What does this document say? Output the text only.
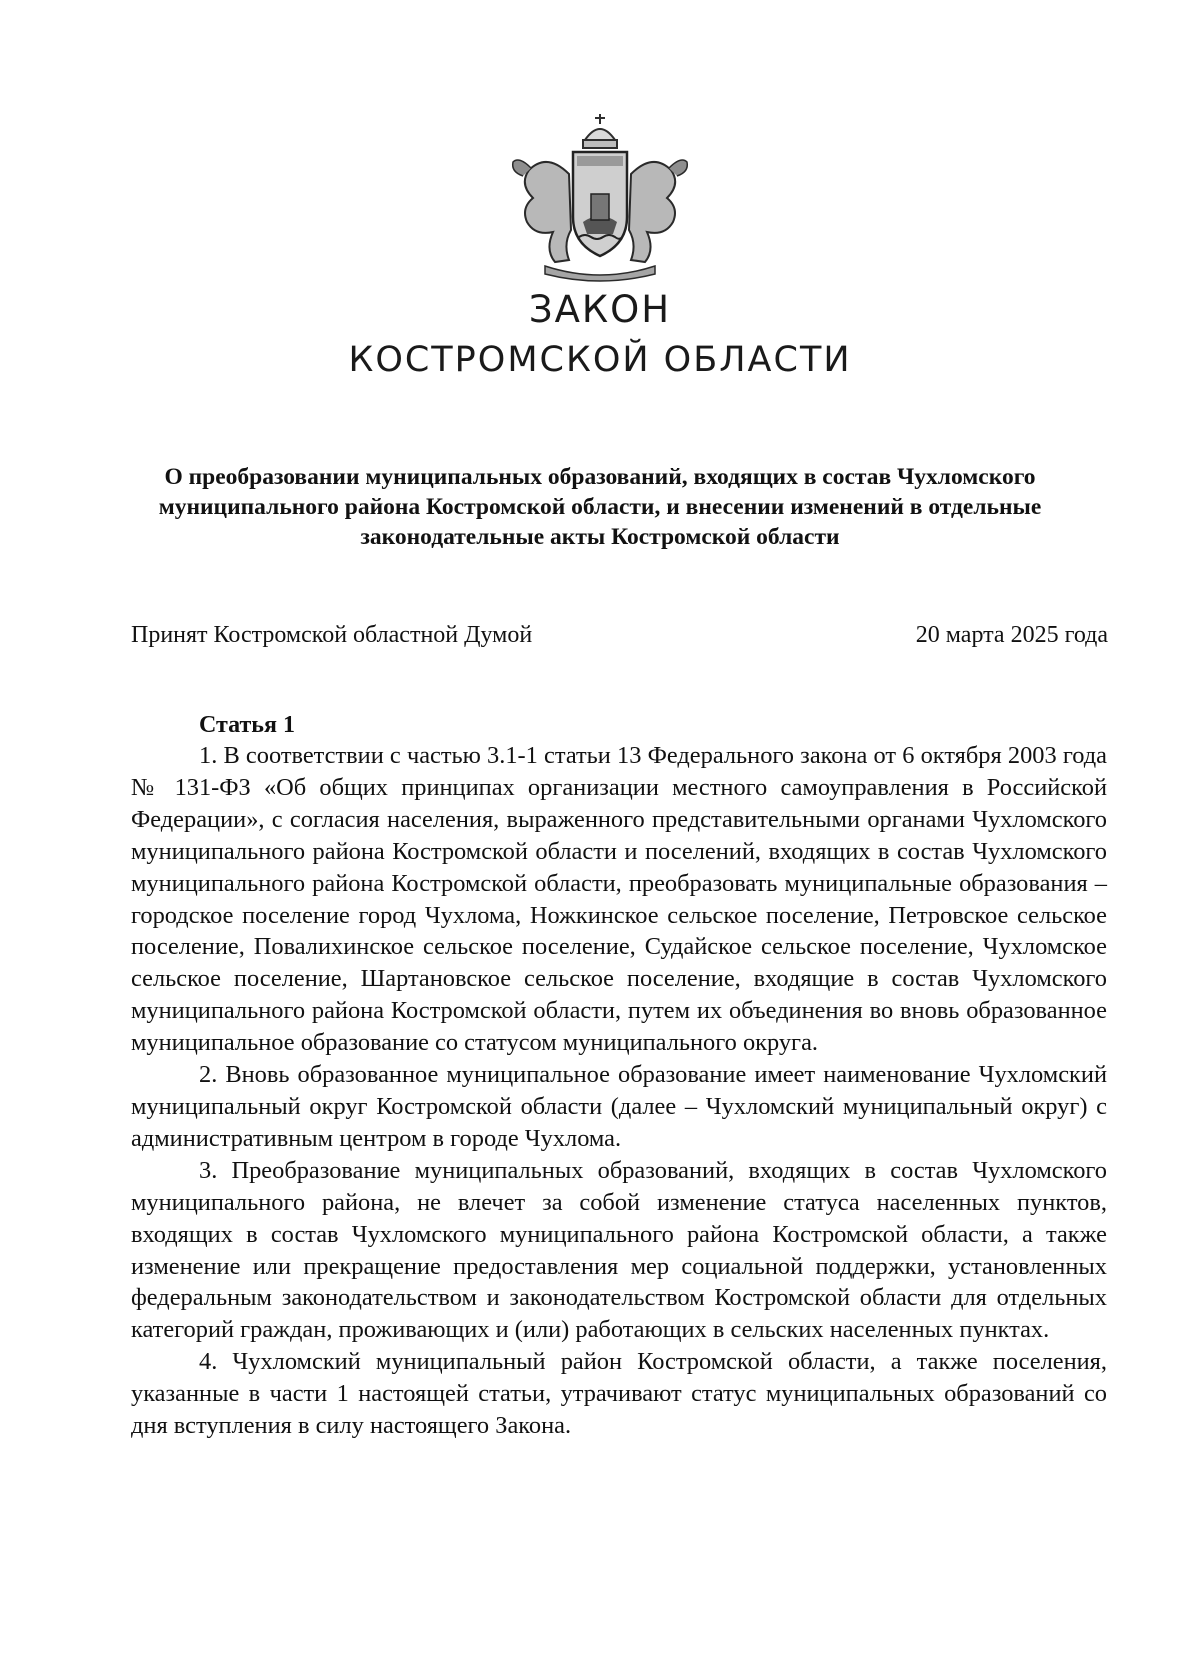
ЗАКОН
КОСТРОМСКОЙ ОБЛАСТИ
О преобразовании муниципальных образований, входящих в состав Чухломского муниципального района Костромской области, и внесении изменений в отдельные законодательные акты Костромской области
Принят Костромской областной Думой	20 марта 2025 года
Статья 1

1. В соответствии с частью 3.1-1 статьи 13 Федерального закона от 6 октября 2003 года № 131-ФЗ «Об общих принципах организации местного самоуправления в Российской Федерации», с согласия населения, выраженного представительными органами Чухломского муниципального района Костромской области и поселений, входящих в состав Чухломского муниципального района Костромской области, преобразовать муниципальные образования – городское поселение город Чухлома, Ножкинское сельское поселение, Петровское сельское поселение, Повалихинское сельское поселение, Судайское сельское поселение, Чухломское сельское поселение, Шартановское сельское поселение, входящие в состав Чухломского муниципального района Костромской области, путем их объединения во вновь образованное муниципальное образование со статусом муниципального округа.

2. Вновь образованное муниципальное образование имеет наименование Чухломский муниципальный округ Костромской области (далее – Чухломский муниципальный округ) с административным центром в городе Чухлома.

3. Преобразование муниципальных образований, входящих в состав Чухломского муниципального района, не влечет за собой изменение статуса населенных пунктов, входящих в состав Чухломского муниципального района Костромской области, а также изменение или прекращение предоставления мер социальной поддержки, установленных федеральным законодательством и законодательством Костромской области для отдельных категорий граждан, проживающих и (или) работающих в сельских населенных пунктах.

4. Чухломский муниципальный район Костромской области, а также поселения, указанные в части 1 настоящей статьи, утрачивают статус муниципальных образований со дня вступления в силу настоящего Закона.
